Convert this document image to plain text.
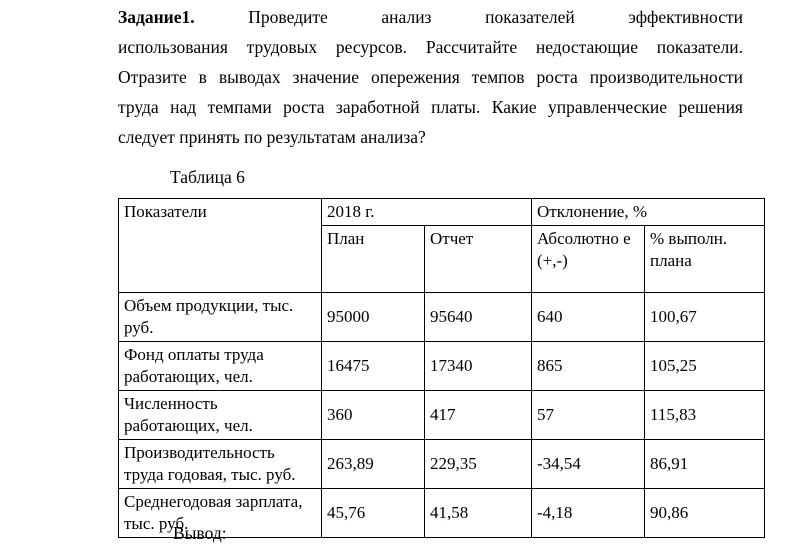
Задание1.	Проведите	анализ	показателей	эффективности
использования трудовых ресурсов. Рассчитайте недостающие показатели.
Отразите в выводах значение опережения темпов роста производительности
труда над темпами роста заработной платы. Какие управленческие решения
следует принять по результатам анализа?
Таблица 6
Показатели	2018 г.		Отклонение, %	
	План	Отчет	Абсолютно е (+,-)	% выполн. плана
Объем продукции, тыс. руб.	95000	95640	640	100,67
Фонд оплаты труда работающих, чел.	16475	17340	865	105,25
Численность работающих, чел.	360	417	57	115,83
Производительность труда годовая, тыс. руб.	263,89	229,35	-34,54	86,91
Среднегодовая зарплата, тыс. руб.	45,76	41,58	-4,18	90,86
Вывод:
